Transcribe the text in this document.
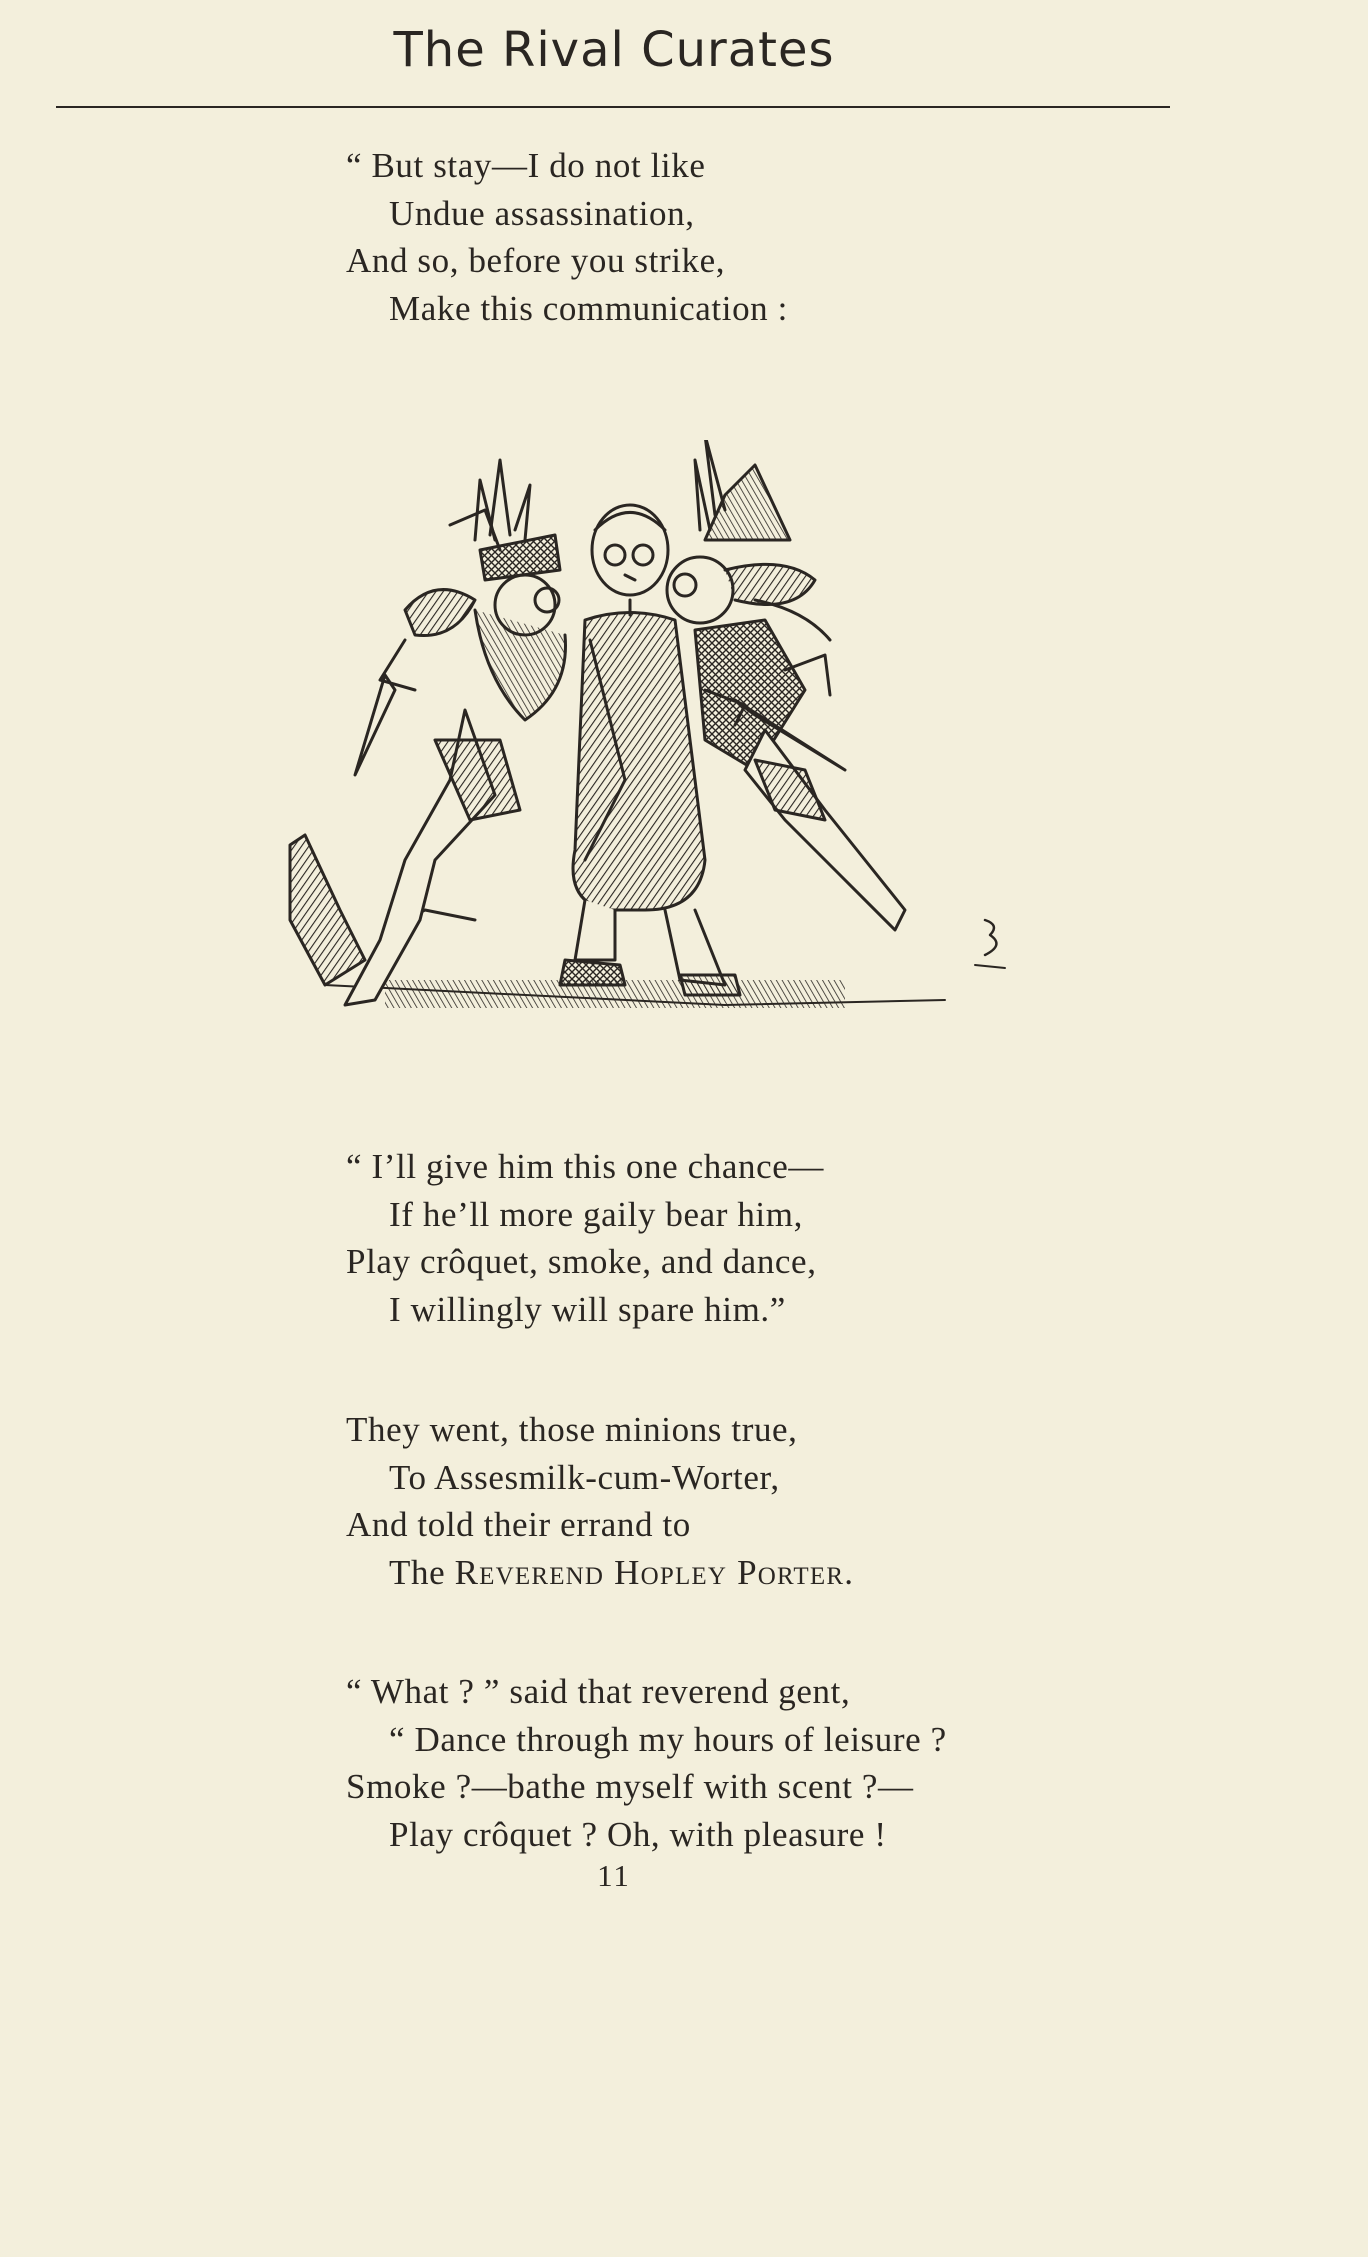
The Rival Curates
“ But stay—I do not like
Undue assassination,
And so, before you strike,
Make this communication :
“ I’ll give him this one chance—
If he’ll more gaily bear him,
Play crôquet, smoke, and dance,
I willingly will spare him.”
They went, those minions true,
To Assesmilk-cum-Worter,
And told their errand to
The Reverend Hopley Porter.
“ What ? ” said that reverend gent,
“ Dance through my hours of leisure ?
Smoke ?—bathe myself with scent ?—
Play crôquet ? Oh, with pleasure !
11
